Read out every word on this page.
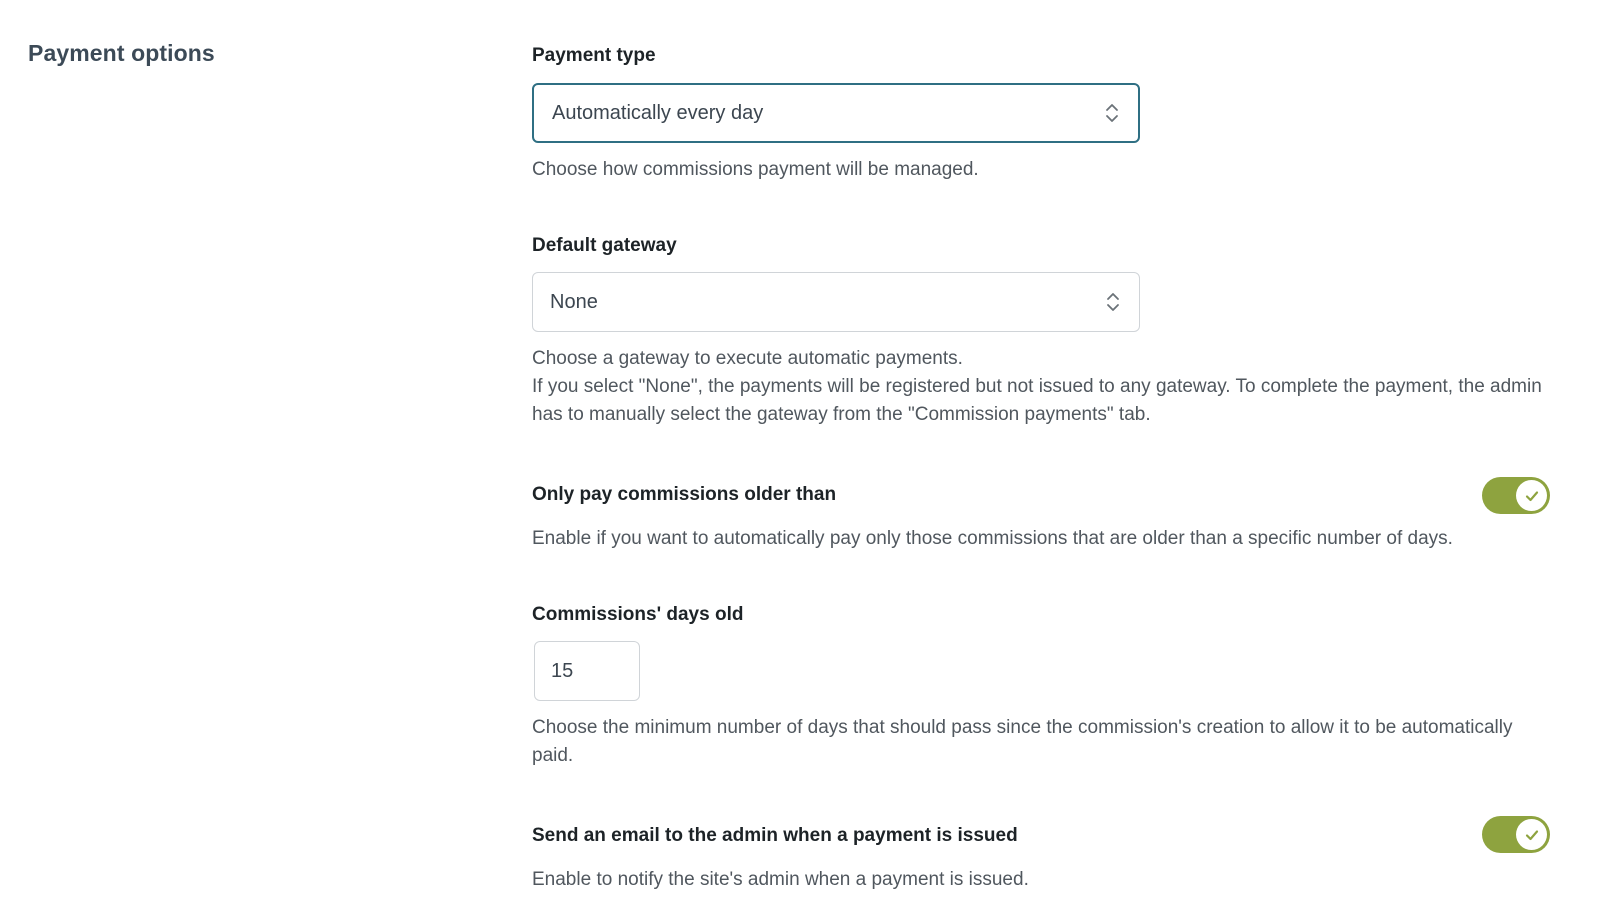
Payment options	Payment type
Automatically every day
Choose how commissions payment will be managed.
Default gateway
None
Choose a gateway to execute automatic payments.
If you select "None", the payments will be registered but not issued to any gateway. To complete the payment, the admin has to manually select the gateway from the "Commission payments" tab.
Only pay commissions older than
Enable if you want to automatically pay only those commissions that are older than a specific number of days.
Commissions' days old
15
Choose the minimum number of days that should pass since the commission's creation to allow it to be automatically paid.
Send an email to the admin when a payment is issued
Enable to notify the site's admin when a payment is issued.
